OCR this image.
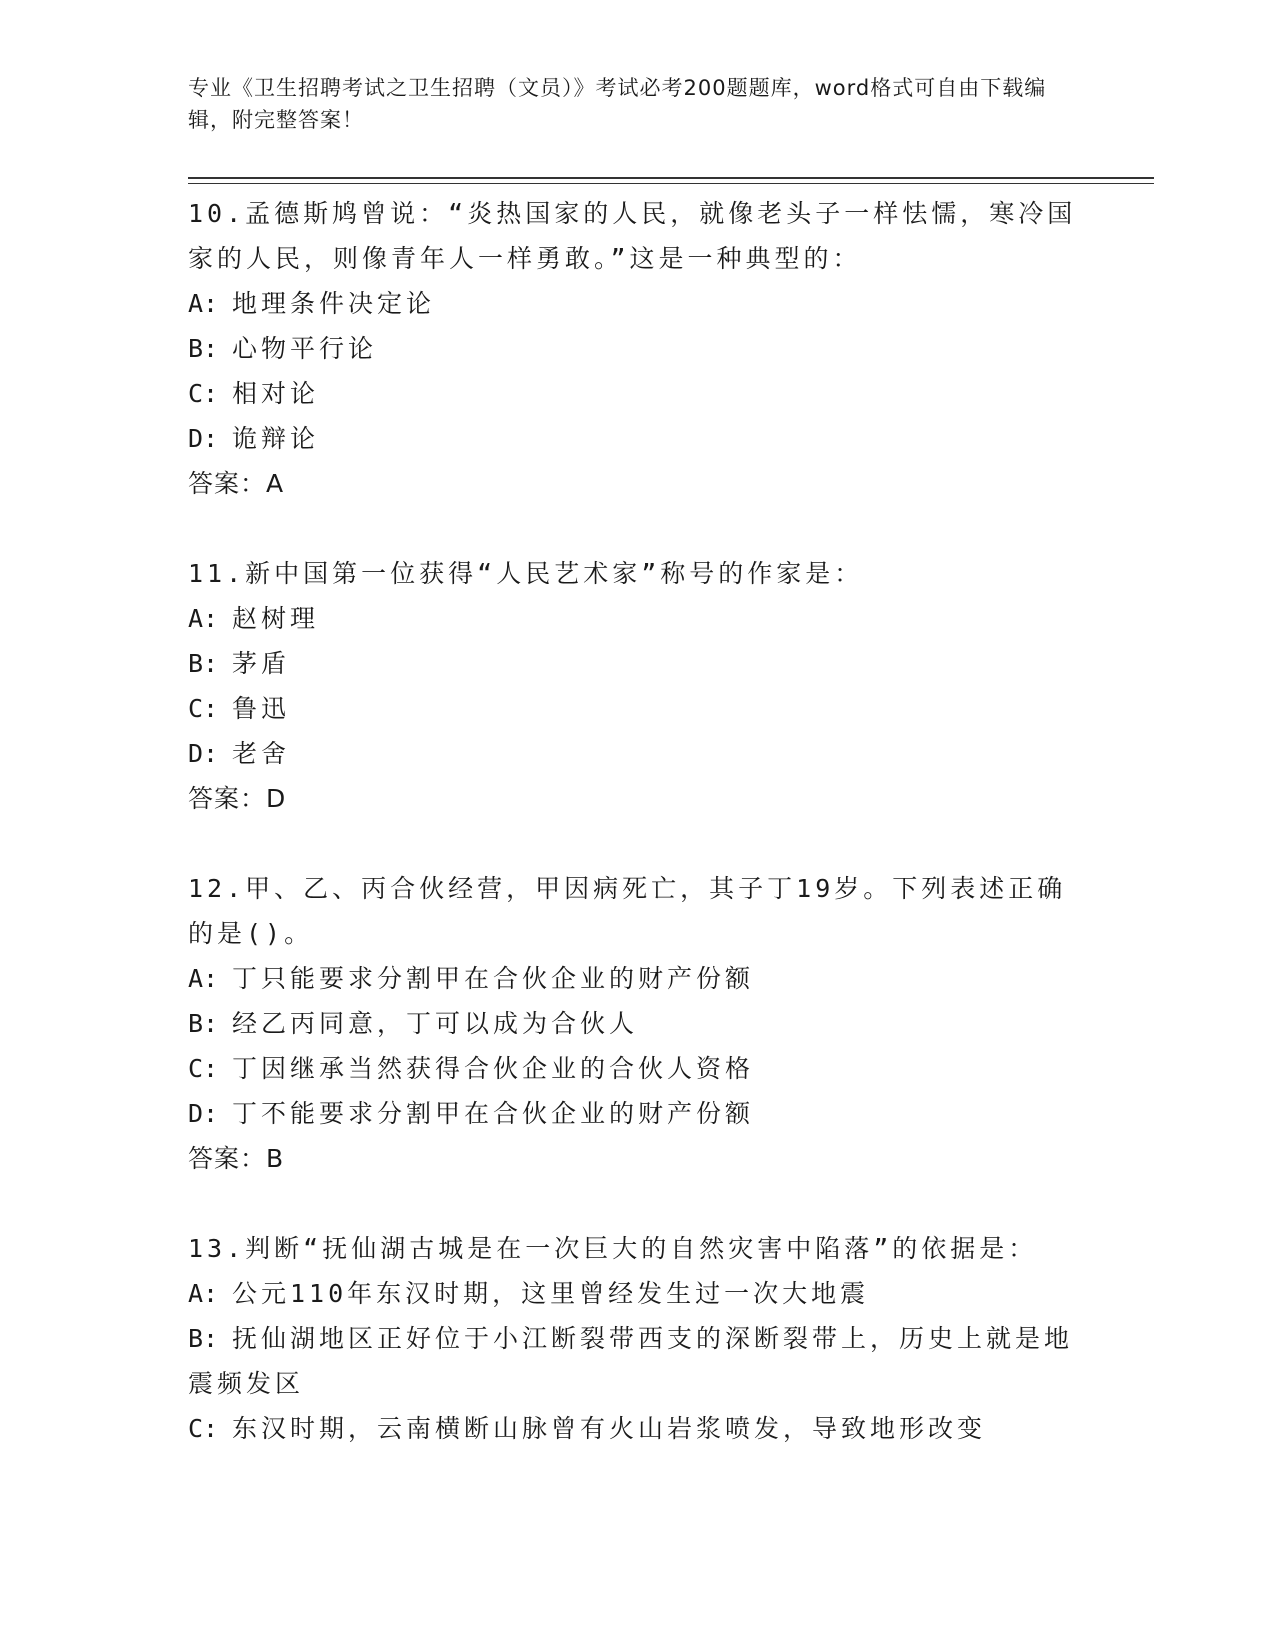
专业《卫生招聘考试之卫生招聘（文员）》考试必考200题题库，word格式可自由下载编辑，附完整答案！

10.孟德斯鸠曾说：“炎热国家的人民，就像老头子一样怯懦，寒冷国家的人民，则像青年人一样勇敢。”这是一种典型的：

A: 地理条件决定论

B: 心物平行论

C: 相对论

D: 诡辩论

答案：A

11.新中国第一位获得“人民艺术家”称号的作家是：

A: 赵树理

B: 茅盾

C: 鲁迅

D: 老舍

答案：D

12.甲、乙、丙合伙经营，甲因病死亡，其子丁19岁。下列表述正确的是()。

A: 丁只能要求分割甲在合伙企业的财产份额

B: 经乙丙同意，丁可以成为合伙人

C: 丁因继承当然获得合伙企业的合伙人资格

D: 丁不能要求分割甲在合伙企业的财产份额

答案：B

13.判断“抚仙湖古城是在一次巨大的自然灾害中陷落”的依据是：

A: 公元110年东汉时期，这里曾经发生过一次大地震

B: 抚仙湖地区正好位于小江断裂带西支的深断裂带上，历史上就是地震频发区

C: 东汉时期，云南横断山脉曾有火山岩浆喷发，导致地形改变
